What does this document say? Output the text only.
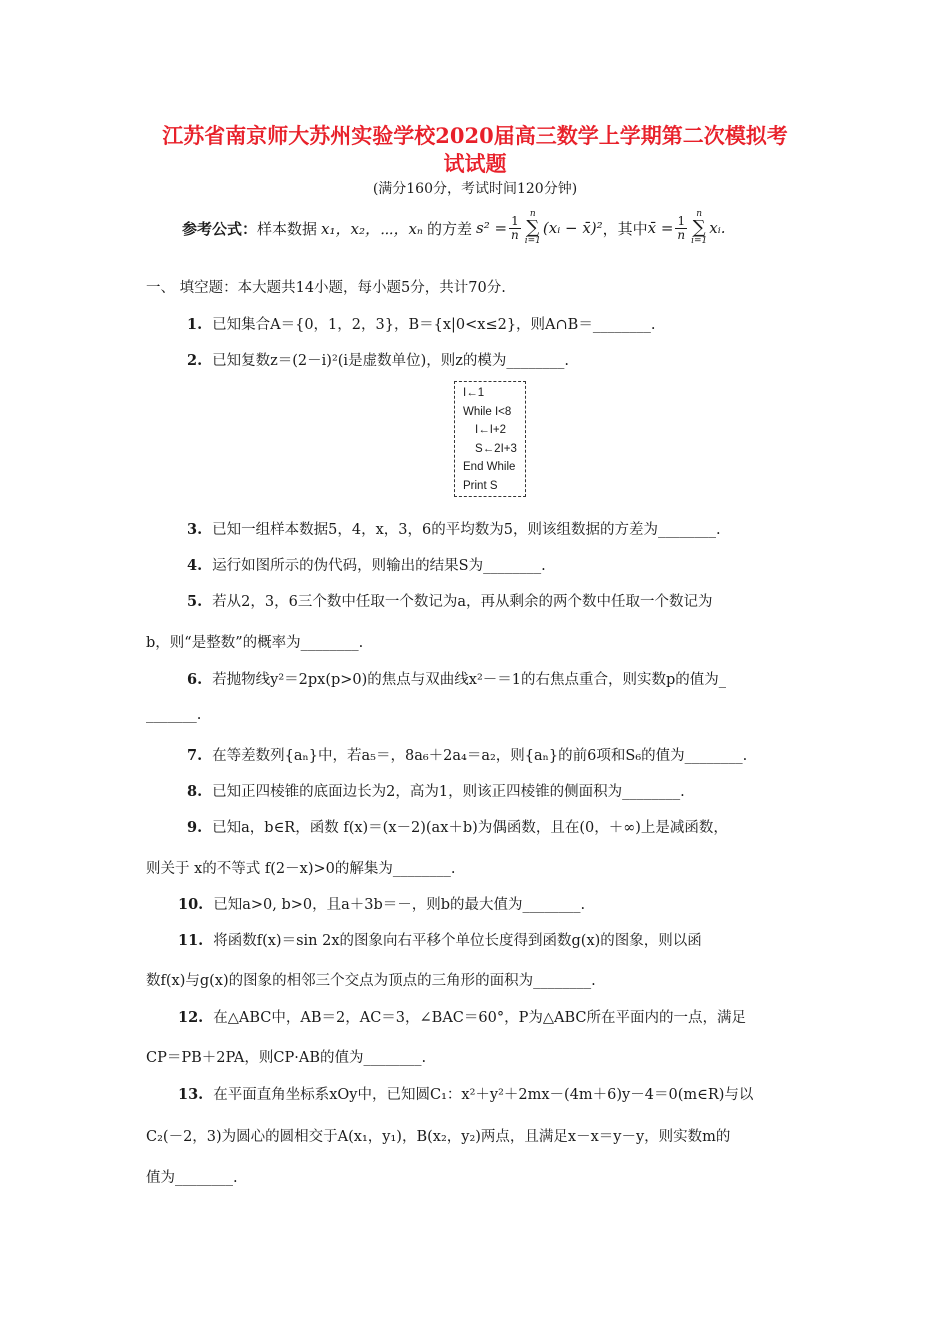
江苏省南京师大苏州实验学校2020届高三数学上学期第二次模拟考
试试题
(满分160分，考试时间120分钟)
参考公式： 样本数据 x₁，x₂，⋯，xₙ 的方差 $s^2 = \frac{1}{n}$
n
∑
i=1
(xᵢ − x̄)² ，其中 x̄ = $\frac{1}{n}$
n
∑
i=1
xᵢ.
一、 填空题：本大题共14小题，每小题5分，共计70分.
1. 已知集合A＝{0，1，2，3}，B＝{x|0<x≤2}，则A∩B＝________.
2. 已知复数z＝(2－i)²(i是虚数单位)，则z的模为________.
I←1
While I<8
I←I+2
S←2I+3
End While
Print S
3. 已知一组样本数据5，4，x，3，6的平均数为5，则该组数据的方差为________.
4. 运行如图所示的伪代码，则输出的结果S为________.
5. 若从2，3，6三个数中任取一个数记为a，再从剩余的两个数中任取一个数记为
b，则“是整数”的概率为________.
6. 若抛物线y²＝2px(p>0)的焦点与双曲线x²－＝1的右焦点重合，则实数p的值为_
_______.
7. 在等差数列{aₙ}中，若a₅＝，8a₆＋2a₄＝a₂，则{aₙ}的前6项和S₆的值为________.
8. 已知正四棱锥的底面边长为2，高为1，则该正四棱锥的侧面积为________.
9. 已知a，b∈R，函数 f(x)＝(x－2)(ax＋b)为偶函数，且在(0，＋∞)上是减函数，
则关于 x的不等式 f(2－x)>0的解集为________.
10. 已知a>0, b>0，且a＋3b＝－，则b的最大值为________.
11. 将函数f(x)＝sin 2x的图象向右平移个单位长度得到函数g(x)的图象，则以函
数f(x)与g(x)的图象的相邻三个交点为顶点的三角形的面积为________.
12. 在△ABC中，AB＝2，AC＝3，∠BAC＝60°，P为△ABC所在平面内的一点，满足
CP＝PB＋2PA，则CP·AB的值为________.
13. 在平面直角坐标系xOy中，已知圆C₁：x²＋y²＋2mx－(4m＋6)y－4＝0(m∈R)与以
C₂(－2，3)为圆心的圆相交于A(x₁，y₁)，B(x₂，y₂)两点，且满足x－x＝y－y，则实数m的
值为________.
